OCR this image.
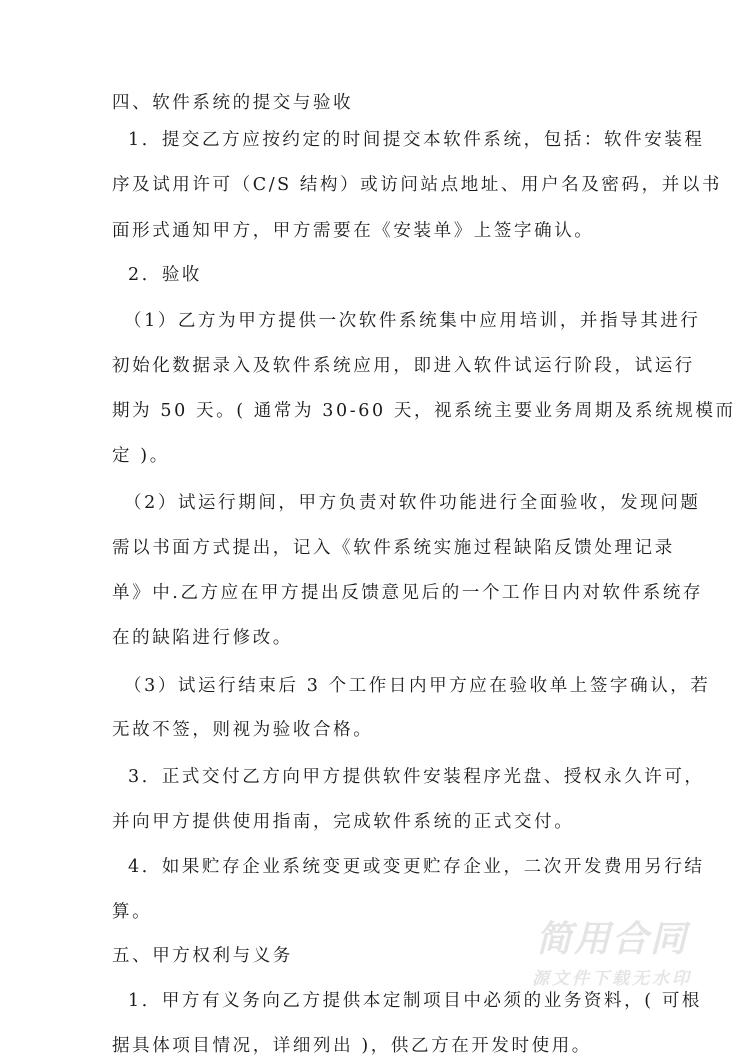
四、软件系统的提交与验收
1．提交乙方应按约定的时间提交本软件系统，包括：软件安装程
序及试用许可（C/S 结构）或访问站点地址、用户名及密码，并以书
面形式通知甲方，甲方需要在《安装单》上签字确认。
2．验收
（1）乙方为甲方提供一次软件系统集中应用培训，并指导其进行
初始化数据录入及软件系统应用，即进入软件试运行阶段，试运行
期为 50 天。( 通常为 30-60 天，视系统主要业务周期及系统规模而
定 )。
（2）试运行期间，甲方负责对软件功能进行全面验收，发现问题
需以书面方式提出，记入《软件系统实施过程缺陷反馈处理记录
单》中.乙方应在甲方提出反馈意见后的一个工作日内对软件系统存
在的缺陷进行修改。
（3）试运行结束后 3 个工作日内甲方应在验收单上签字确认，若
无故不签，则视为验收合格。
3．正式交付乙方向甲方提供软件安装程序光盘、授权永久许可，
并向甲方提供使用指南，完成软件系统的正式交付。
4．如果贮存企业系统变更或变更贮存企业，二次开发费用另行结
算。
五、甲方权利与义务
1．甲方有义务向乙方提供本定制项目中必须的业务资料，( 可根
据具体项目情况，详细列出 )，供乙方在开发时使用。
简用合同
源文件下载无水印
